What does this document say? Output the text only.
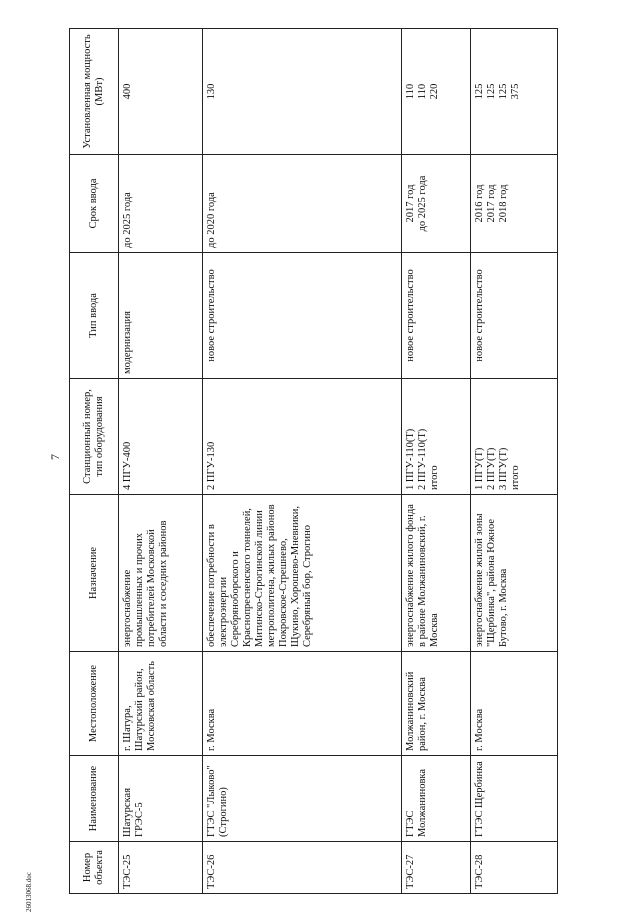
7
Номер объекта	Наименование	Местоположение	Назначение	Станционный номер, тип оборудования	Тип ввода	Срок ввода	Установленная мощность (МВт)
ТЭС-25	Шатурская ГРЭС-5	г. Шатура, Шатурский район, Московская область	энергоснабжение промышленных и прочих потребителей Московской области и соседних районов	4 ПГУ-400	модернизация	до 2025 года	400

ТЭС-26	ГТЭС "Лыково" (Строгино)	г. Москва	обеспечение потребности в электроэнергии Серебряноборского и Краснопресненского тоннелей, Митинско-Строгинской линии метрополитена, жилых районов Покровское-Стрешнево, Щукино, Хорошево-Мневники, Серебряный бор, Строгино	2 ПГУ-130	новое строительство	до 2020 года	130

ТЭС-27	ГТЭС Молжаниновка	Молжаниновский район, г. Москва	энергоснабжение жилого фонда в районе Молжаниновский, г. Москва	1 ПГУ-110(Т) 2 ПГУ-110(Т) итого	новое строительство	2017 год до 2025 года	110 110 220

ТЭС-28	ГТЭС Щербинка	г. Москва	энергоснабжение жилой зоны "Щербинка", района Южное Бутово, г. Москва	1 ПГУ(Т) 2 ПГУ(Т) 3 ПГУ(Т) итого	новое строительство	2016 год 2017 год 2018 год	125 125 125 375
26013068.doc
